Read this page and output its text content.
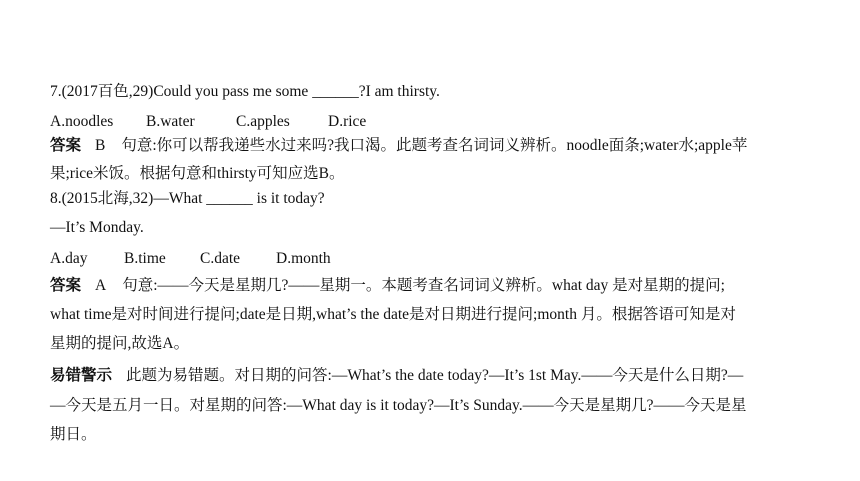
7.(2017百色,29)Could you pass me some ______?I am thirsty.
A.noodles B.water	C.apples D.rice
答案 B 句意:你可以帮我递些水过来吗?我口渴。此题考查名词词义辨析。noodle面条;water水;apple苹
果;rice米饭。根据句意和thirsty可知应选B。
8.(2015北海,32)—What ______ is it today?
—It’s Monday.
A.day B.time C.date D.month
答案 A 句意:——今天是星期几?——星期一。本题考查名词词义辨析。what day 是对星期的提问;
what time是对时间进行提问;date是日期,what’s the date是对日期进行提问;month 月。根据答语可知是对
星期的提问,故选A。
易错警示 此题为易错题。对日期的问答:—What’s the date today?—It’s 1st May.——今天是什么日期?—
—今天是五月一日。对星期的问答:—What day is it today?—It’s Sunday.——今天是星期几?——今天是星
期日。
